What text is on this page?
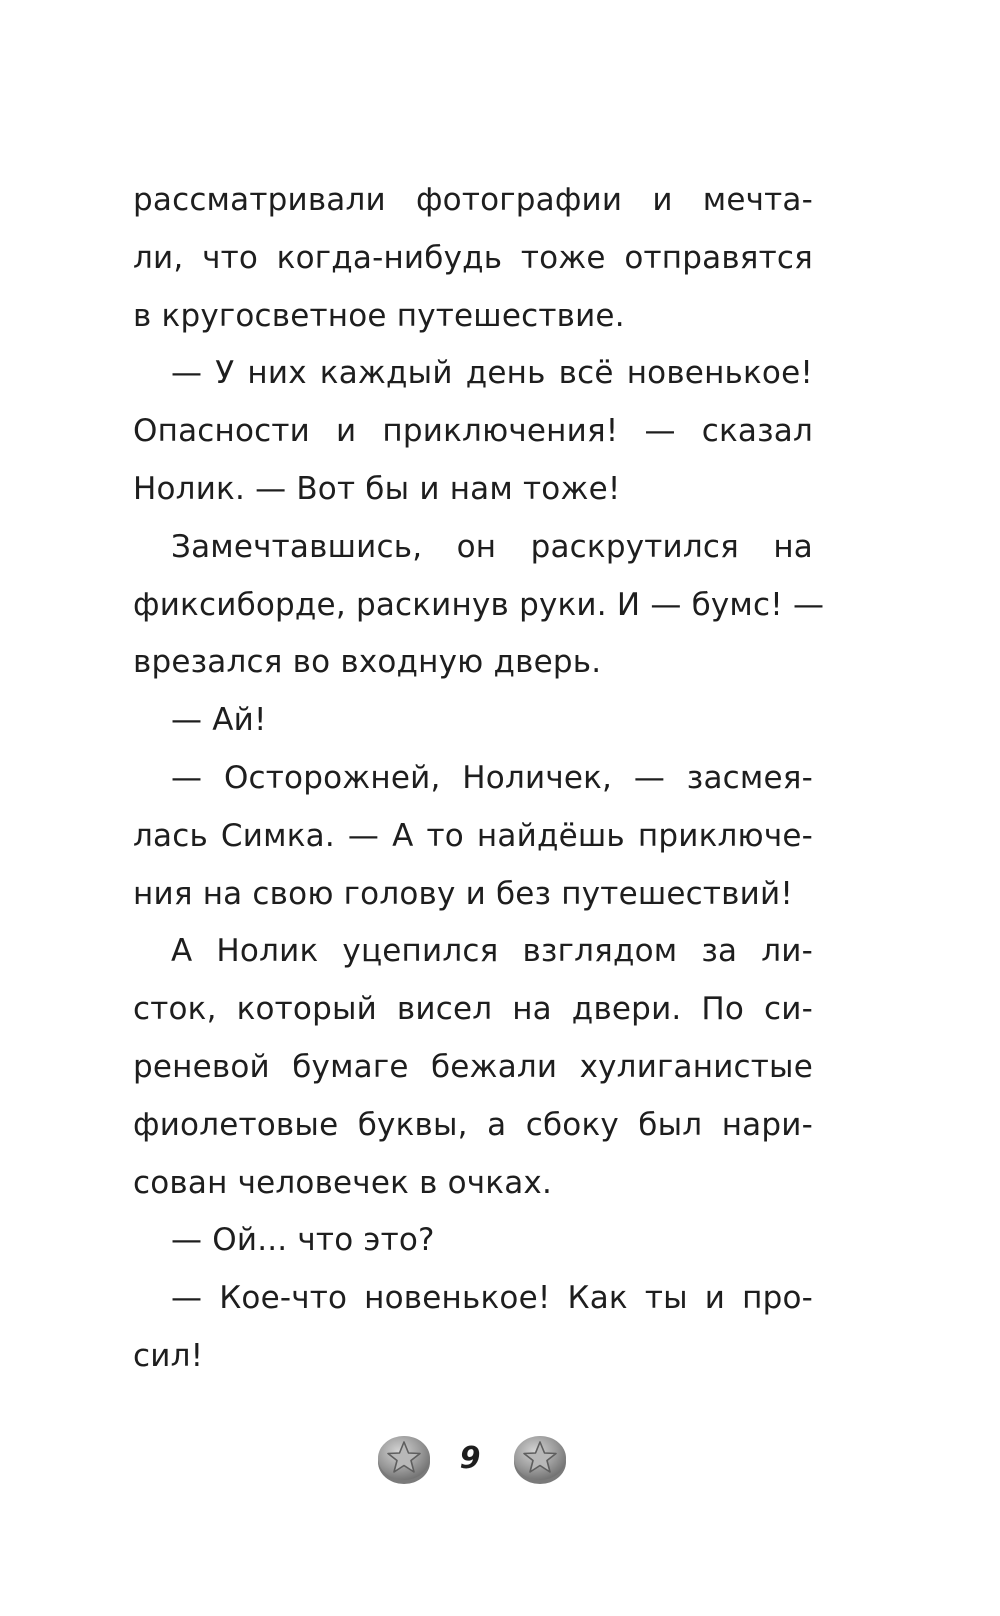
рассматривали фотографии и мечта-
ли, что когда-нибудь тоже отправятся
в кругосветное путешествие.
— У них каждый день всё новенькое!
Опасности и приключения! — сказал
Нолик. — Вот бы и нам тоже!
Замечтавшись, он раскрутился на
фиксиборде, раскинув руки. И — бумс! —
врезался во входную дверь.
— Ай!
— Осторожней, Ноличек, — засмея-
лась Симка. — А то найдёшь приключе-
ния на свою голову и без путешествий!
А Нолик уцепился взглядом за ли-
сток, который висел на двери. По си-
реневой бумаге бежали хулиганистые
фиолетовые буквы, а сбоку был нари-
сован человечек в очках.
— Ой... что это?
— Кое-что новенькое! Как ты и про-
сил!
9
